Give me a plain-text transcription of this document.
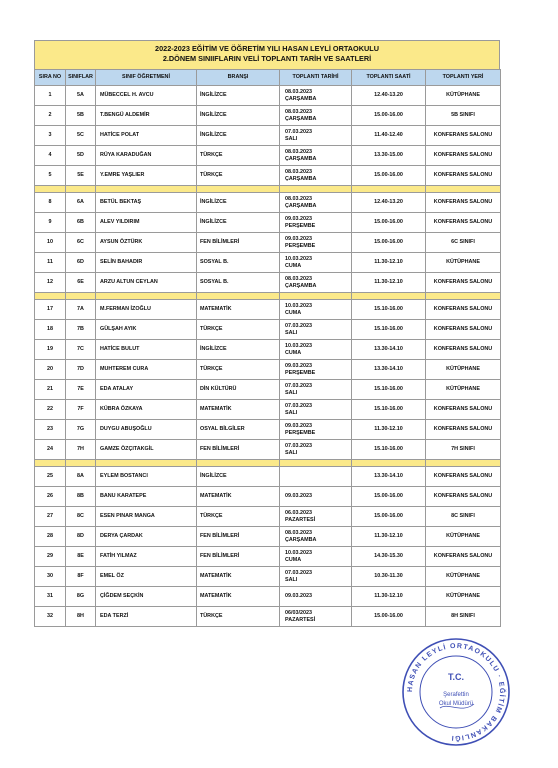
2022-2023 EĞİTİM VE ÖĞRETİM YILI HASAN LEYLİ ORTAOKULU
2.DÖNEM SINIIFLARIN VELİ TOPLANTI TARİH VE SAATLERİ
SIRA NO	SINIFLAR	SINIF ÖĞRETMENİ	BRANŞI	TOPLANTI TARİHİ	TOPLANTI SAATİ	TOPLANTI YERİ
1	5A	MÜBECCEL H. AVCU	İNGİLİZCE	08.03.2023
ÇARŞAMBA	12.40-13.20	KÜTÜPHANE
2	5B	T.BENGÜ ALDEMİR	İNGİLİZCE	08.03.2023
ÇARŞAMBA	15.00-16.00	5B SINIFI
3	5C	HATİCE POLAT	İNGİLİZCE	07.03.2023
SALI	11.40-12.40	KONFERANS SALONU
4	5D	RÜYA KARADUĞAN	TÜRKÇE	08.03.2023
ÇARŞAMBA	13.30-15.00	KONFERANS SALONU
5	5E	Y.EMRE YAŞLIER	TÜRKÇE	08.03.2023
ÇARŞAMBA	15.00-16.00	KONFERANS SALONU

8	6A	BETÜL BEKTAŞ	İNGİLİZCE	08.03.2023
ÇARŞAMBA	12.40-13.20	KONFERANS SALONU
9	6B	ALEV YILDIRIM	İNGİLİZCE	09.03.2023
PERŞEMBE	15.00-16.00	KONFERANS SALONU
10	6C	AYSUN ÖZTÜRK	FEN BİLİMLERİ	09.03.2023
PERŞEMBE	15.00-16.00	6C SINIFI
11	6D	SELİN BAHADIR	SOSYAL B.	10.03.2023
CUMA	11.30-12.10	KÜTÜPHANE
12	6E	ARZU ALTUN CEYLAN	SOSYAL B.	08.03.2023
ÇARŞAMBA	11.30-12.10	KONFERANS SALONU

17	7A	M.FERMAN İZOĞLU	MATEMATİK	10.03.2023
CUMA	15.10-16.00	KONFERANS SALONU
18	7B	GÜLŞAH AYIK	TÜRKÇE	07.03.2023
SALI	15.10-16.00	KONFERANS SALONU
19	7C	HATİCE BULUT	İNGİLİZCE	10.03.2023
CUMA	13.30-14.10	KONFERANS SALONU
20	7D	MUHTEREM CURA	TÜRKÇE	09.03.2023
PERŞEMBE	13.30-14.10	KÜTÜPHANE
21	7E	EDA ATALAY	DİN KÜLTÜRÜ	07.03.2023
SALI	15.10-16.00	KÜTÜPHANE
22	7F	KÜBRA ÖZKAYA	MATEMATİK	07.03.2023
SALI	15.10-16.00	KONFERANS SALONU
23	7G	DUYGU ABUŞOĞLU	OSYAL BİLGİLER	09.03.2023
PERŞEMBE	11.30-12.10	KONFERANS SALONU
24	7H	GAMZE ÖZÇITAKGİL	FEN BİLİMLERİ	07.03.2023
SALI	15.10-16.00	7H SINIFI

25	8A	EYLEM BOSTANCI	İNGİLİZCE		13.30-14.10	KONFERANS SALONU
26	8B	BANU KARATEPE	MATEMATİK	09.03.2023	15.00-16.00	KONFERANS SALONU
27	8C	ESEN PINAR MANGA	TÜRKÇE	06.03.2023
PAZARTESİ	15.00-16.00	8C SINIFI
28	8D	DERYA ÇARDAK	FEN BİLİMLERİ	08.03.2023
ÇARŞAMBA	11.30-12.10	KÜTÜPHANE
29	8E	FATİH YILMAZ	FEN BİLİMLERİ	10.03.2023
CUMA	14.30-15.30	KONFERANS SALONU
30	8F	EMEL ÖZ	MATEMATİK	07.03.2023
SALI	10.30-11.30	KÜTÜPHANE
31	8G	ÇİĞDEM SEÇKİN	MATEMATİK	09.03.2023	11.30-12.10	KÜTÜPHANE
32	8H	EDA TERZİ	TÜRKÇE	06/03/2023
PAZARTESİ	15.00-16.00	8H SINIFI
HASAN LEYLİ ORTAOKULU · EĞİTİM BAKANLIĞI
T.C.
Şerafettin
Okul Müdürü
